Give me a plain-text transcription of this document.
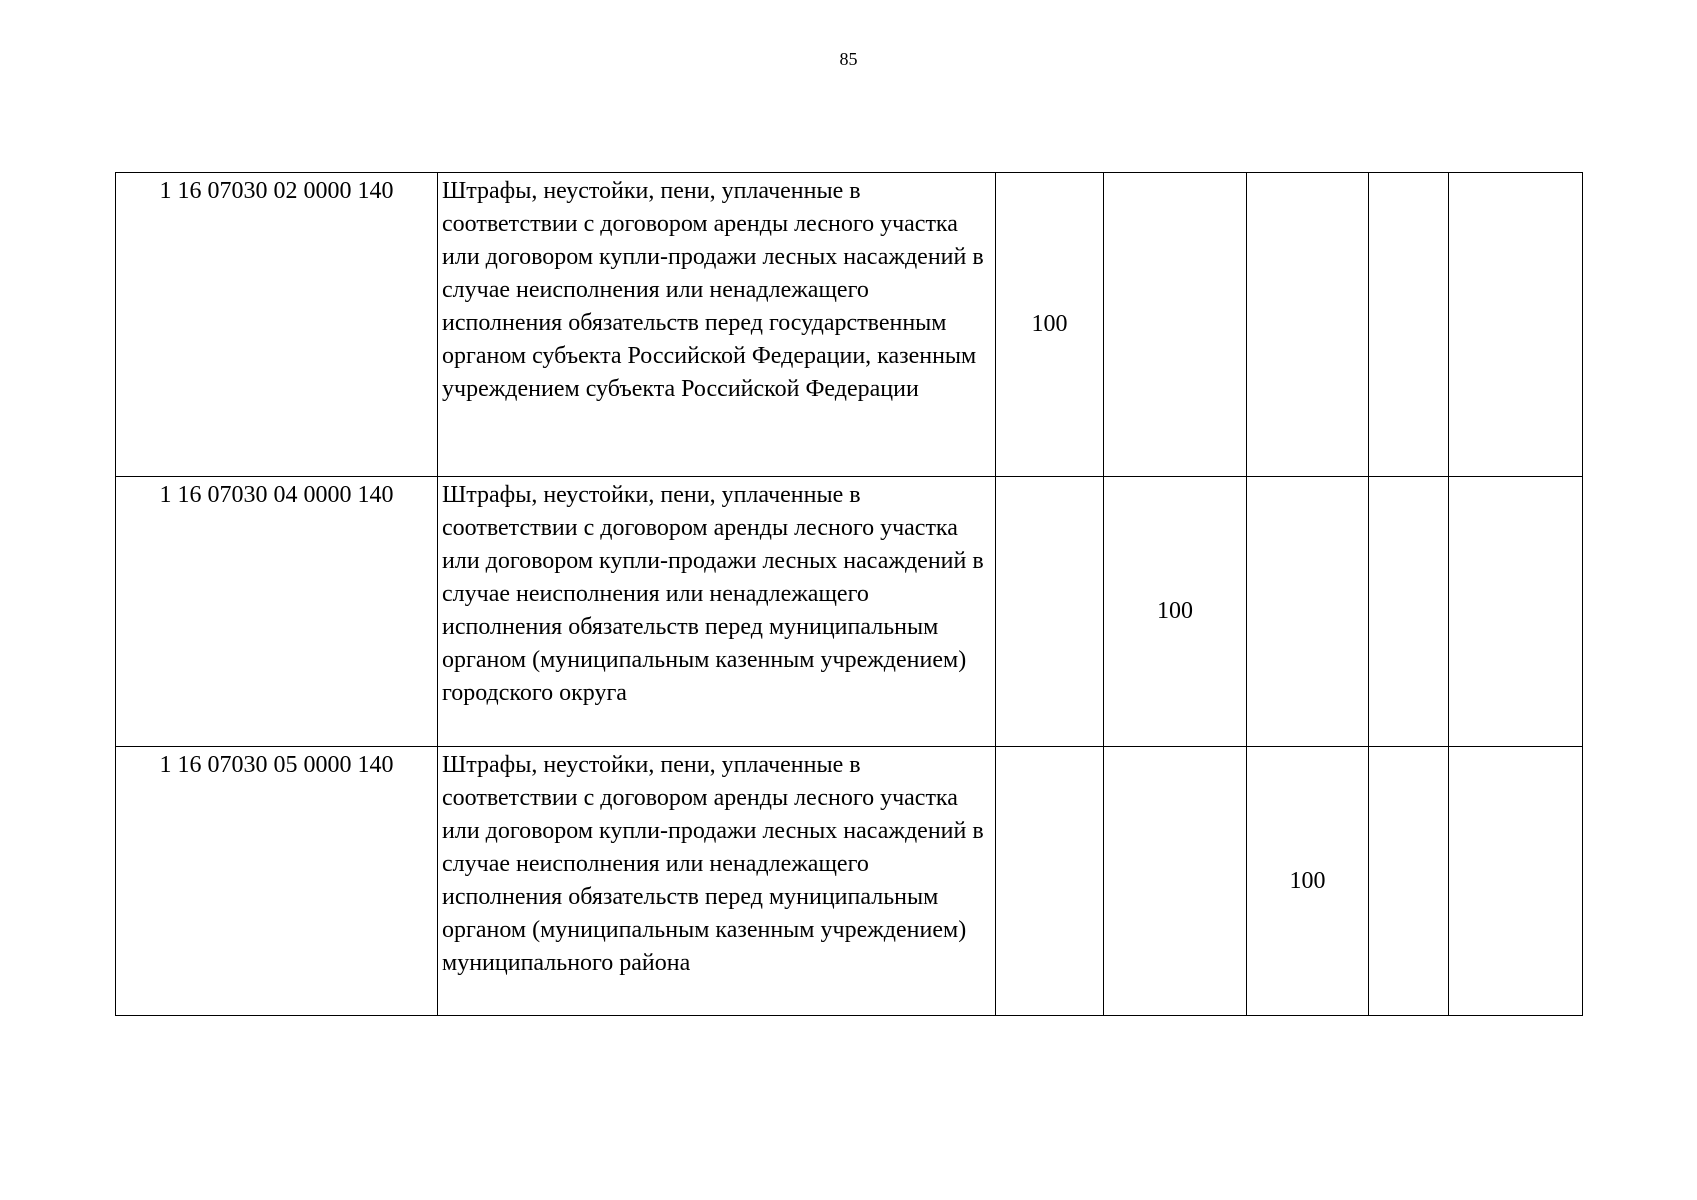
85
1 16 07030 02 0000 140	Штрафы, неустойки, пени, уплаченные в соответствии с договором аренды лесного участка или договором купли-продажи лесных насаждений в случае неисполнения или ненадлежащего исполнения обязательств перед государственным органом субъекта Российской Федерации, казенным учреждением субъекта Российской Федерации	100				
1 16 07030 04 0000 140	Штрафы, неустойки, пени, уплаченные в соответствии с договором аренды лесного участка или договором купли-продажи лесных насаждений в случае неисполнения или ненадлежащего исполнения обязательств перед муниципальным органом (муниципальным казенным учреждением) городского округа		100			
1 16 07030 05 0000 140	Штрафы, неустойки, пени, уплаченные в соответствии с договором аренды лесного участка или договором купли-продажи лесных насаждений в случае неисполнения или ненадлежащего исполнения обязательств перед муниципальным органом (муниципальным казенным учреждением) муниципального района			100		
